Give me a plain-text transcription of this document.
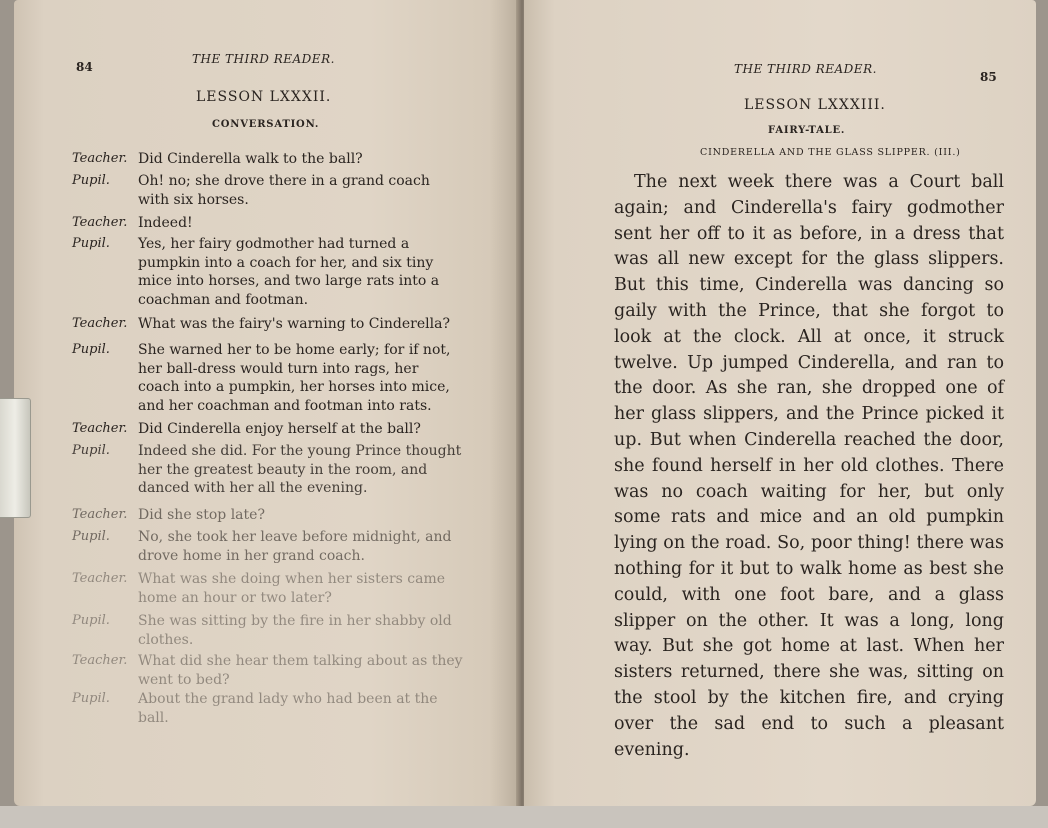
84
THE THIRD READER.
LESSON LXXXII.
CONVERSATION.
Teacher. Did Cinderella walk to the ball?
Pupil.	Oh! no; she drove there in a grand coach with six horses.
Teacher. Indeed!
Pupil.	Yes, her fairy godmother had turned a pumpkin into a coach for her, and six tiny mice into horses, and two large rats into a coachman and footman.
Teacher. What was the fairy's warning to Cinderella?
Pupil.	She warned her to be home early; for if not, her ball-dress would turn into rags, her coach into a pumpkin, her horses into mice, and her coachman and footman into rats.
Teacher. Did Cinderella enjoy herself at the ball?
Pupil.	Indeed she did. For the young Prince thought her the greatest beauty in the room, and danced with her all the evening.
Teacher. Did she stop late?
Pupil.	No, she took her leave before midnight, and drove home in her grand coach.
Teacher. What was she doing when her sisters came home an hour or two later?
Pupil.	She was sitting by the fire in her shabby old clothes.
Teacher. What did she hear them talking about as they went to bed?
Pupil.	About the grand lady who had been at the ball.
THE THIRD READER.
85
LESSON LXXXIII.
FAIRY-TALE.
CINDERELLA AND THE GLASS SLIPPER. (III.)

The next week there was a Court ball again; and Cinderella's fairy godmother sent her off to it as before, in a dress that was all new except for the glass slippers. But this time, Cinderella was dancing so gaily with the Prince, that she forgot to look at the clock. All at once, it struck twelve. Up jumped Cinderella, and ran to the door. As she ran, she dropped one of her glass slippers, and the Prince picked it up. But when Cinderella reached the door, she found herself in her old clothes. There was no coach waiting for her, but only some rats and mice and an old pumpkin lying on the road. So, poor thing! there was nothing for it but to walk home as best she could, with one foot bare, and a glass slipper on the other. It was a long, long way. But she got home at last. When her sisters returned, there she was, sitting on the stool by the kitchen fire, and crying over the sad end to such a pleasant evening.
